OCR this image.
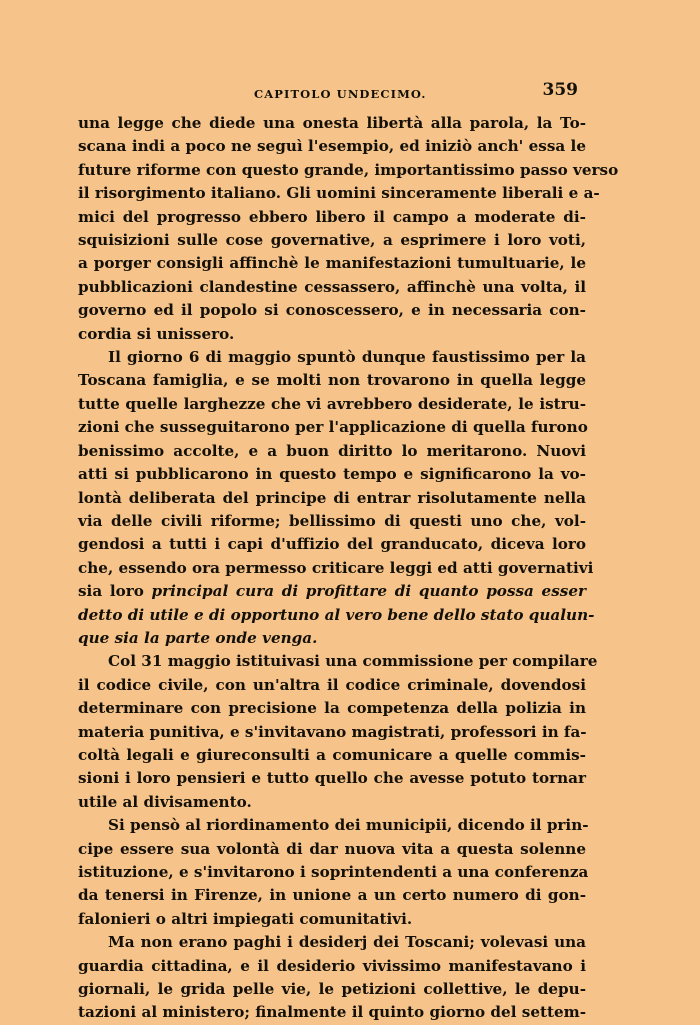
CAPITOLO UNDECIMO.	359

una legge che diede una onesta libertà alla parola, la To-
scana indi a poco ne seguì l'esempio, ed iniziò anch' essa le
future riforme con questo grande, importantissimo passo verso
il risorgimento italiano. Gli uomini sinceramente liberali e a-
mici del progresso ebbero libero il campo a moderate di-
squisizioni sulle cose governative, a esprimere i loro voti,
a porger consigli affinchè le manifestazioni tumultuarie, le
pubblicazioni clandestine cessassero, affinchè una volta, il
governo ed il popolo si conoscessero, e in necessaria con-
cordia si unissero.

Il giorno 6 di maggio spuntò dunque faustissimo per la
Toscana famiglia, e se molti non trovarono in quella legge
tutte quelle larghezze che vi avrebbero desiderate, le istru-
zioni che susseguitarono per l'applicazione di quella furono
benissimo accolte, e a buon diritto lo meritarono. Nuovi
atti si pubblicarono in questo tempo e significarono la vo-
lontà deliberata del principe di entrar risolutamente nella
via delle civili riforme; bellissimo di questi uno che, vol-
gendosi a tutti i capi d'uffizio del granducato, diceva loro
che, essendo ora permesso criticare leggi ed atti governativi
sia loro principal cura di profittare di quanto possa esser
detto di utile e di opportuno al vero bene dello stato qualun-
que sia la parte onde venga.

Col 31 maggio istituivasi una commissione per compilare
il codice civile, con un'altra il codice criminale, dovendosi
determinare con precisione la competenza della polizia in
materia punitiva, e s'invitavano magistrati, professori in fa-
coltà legali e giureconsulti a comunicare a quelle commis-
sioni i loro pensieri e tutto quello che avesse potuto tornar
utile al divisamento.

Si pensò al riordinamento dei municipii, dicendo il prin-
cipe essere sua volontà di dar nuova vita a questa solenne
istituzione, e s'invitarono i soprintendenti a una conferenza
da tenersi in Firenze, in unione a un certo numero di gon-
falonieri o altri impiegati comunitativi.

Ma non erano paghi i desiderj dei Toscani; volevasi una
guardia cittadina, e il desiderio vivissimo manifestavano i
giornali, le grida pelle vie, le petizioni collettive, le depu-
tazioni al ministero; finalmente il quinto giorno del settem-
